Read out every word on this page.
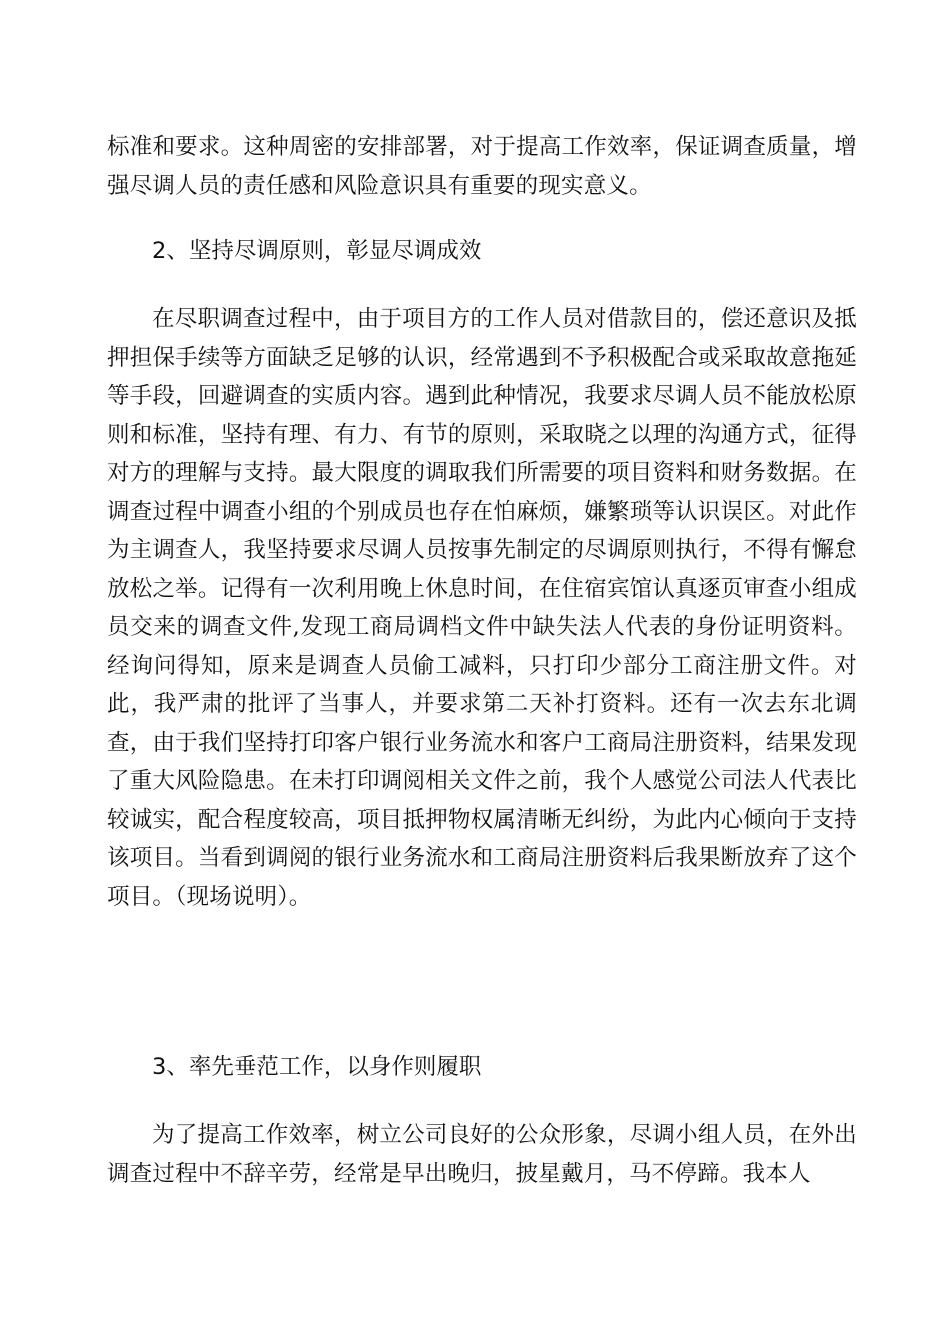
标准和要求。这种周密的安排部署，对于提高工作效率，保证调查质量，增强尽调人员的责任感和风险意识具有重要的现实意义。
2、坚持尽调原则，彰显尽调成效
在尽职调查过程中，由于项目方的工作人员对借款目的，偿还意识及抵押担保手续等方面缺乏足够的认识，经常遇到不予积极配合或采取故意拖延等手段，回避调查的实质内容。遇到此种情况，我要求尽调人员不能放松原则和标准，坚持有理、有力、有节的原则，采取晓之以理的沟通方式，征得对方的理解与支持。最大限度的调取我们所需要的项目资料和财务数据。在调查过程中调查小组的个别成员也存在怕麻烦，嫌繁琐等认识误区。对此作为主调查人，我坚持要求尽调人员按事先制定的尽调原则执行，不得有懈怠放松之举。记得有一次利用晚上休息时间，在住宿宾馆认真逐页审查小组成员交来的调查文件,发现工商局调档文件中缺失法人代表的身份证明资料。经询问得知，原来是调查人员偷工减料，只打印少部分工商注册文件。对此，我严肃的批评了当事人，并要求第二天补打资料。还有一次去东北调查，由于我们坚持打印客户银行业务流水和客户工商局注册资料，结果发现了重大风险隐患。在未打印调阅相关文件之前，我个人感觉公司法人代表比较诚实，配合程度较高，项目抵押物权属清晰无纠纷，为此内心倾向于支持该项目。当看到调阅的银行业务流水和工商局注册资料后我果断放弃了这个项目。（现场说明）。
3、率先垂范工作，以身作则履职
为了提高工作效率，树立公司良好的公众形象，尽调小组人员，在外出调查过程中不辞辛劳，经常是早出晚归，披星戴月，马不停蹄。我本人
